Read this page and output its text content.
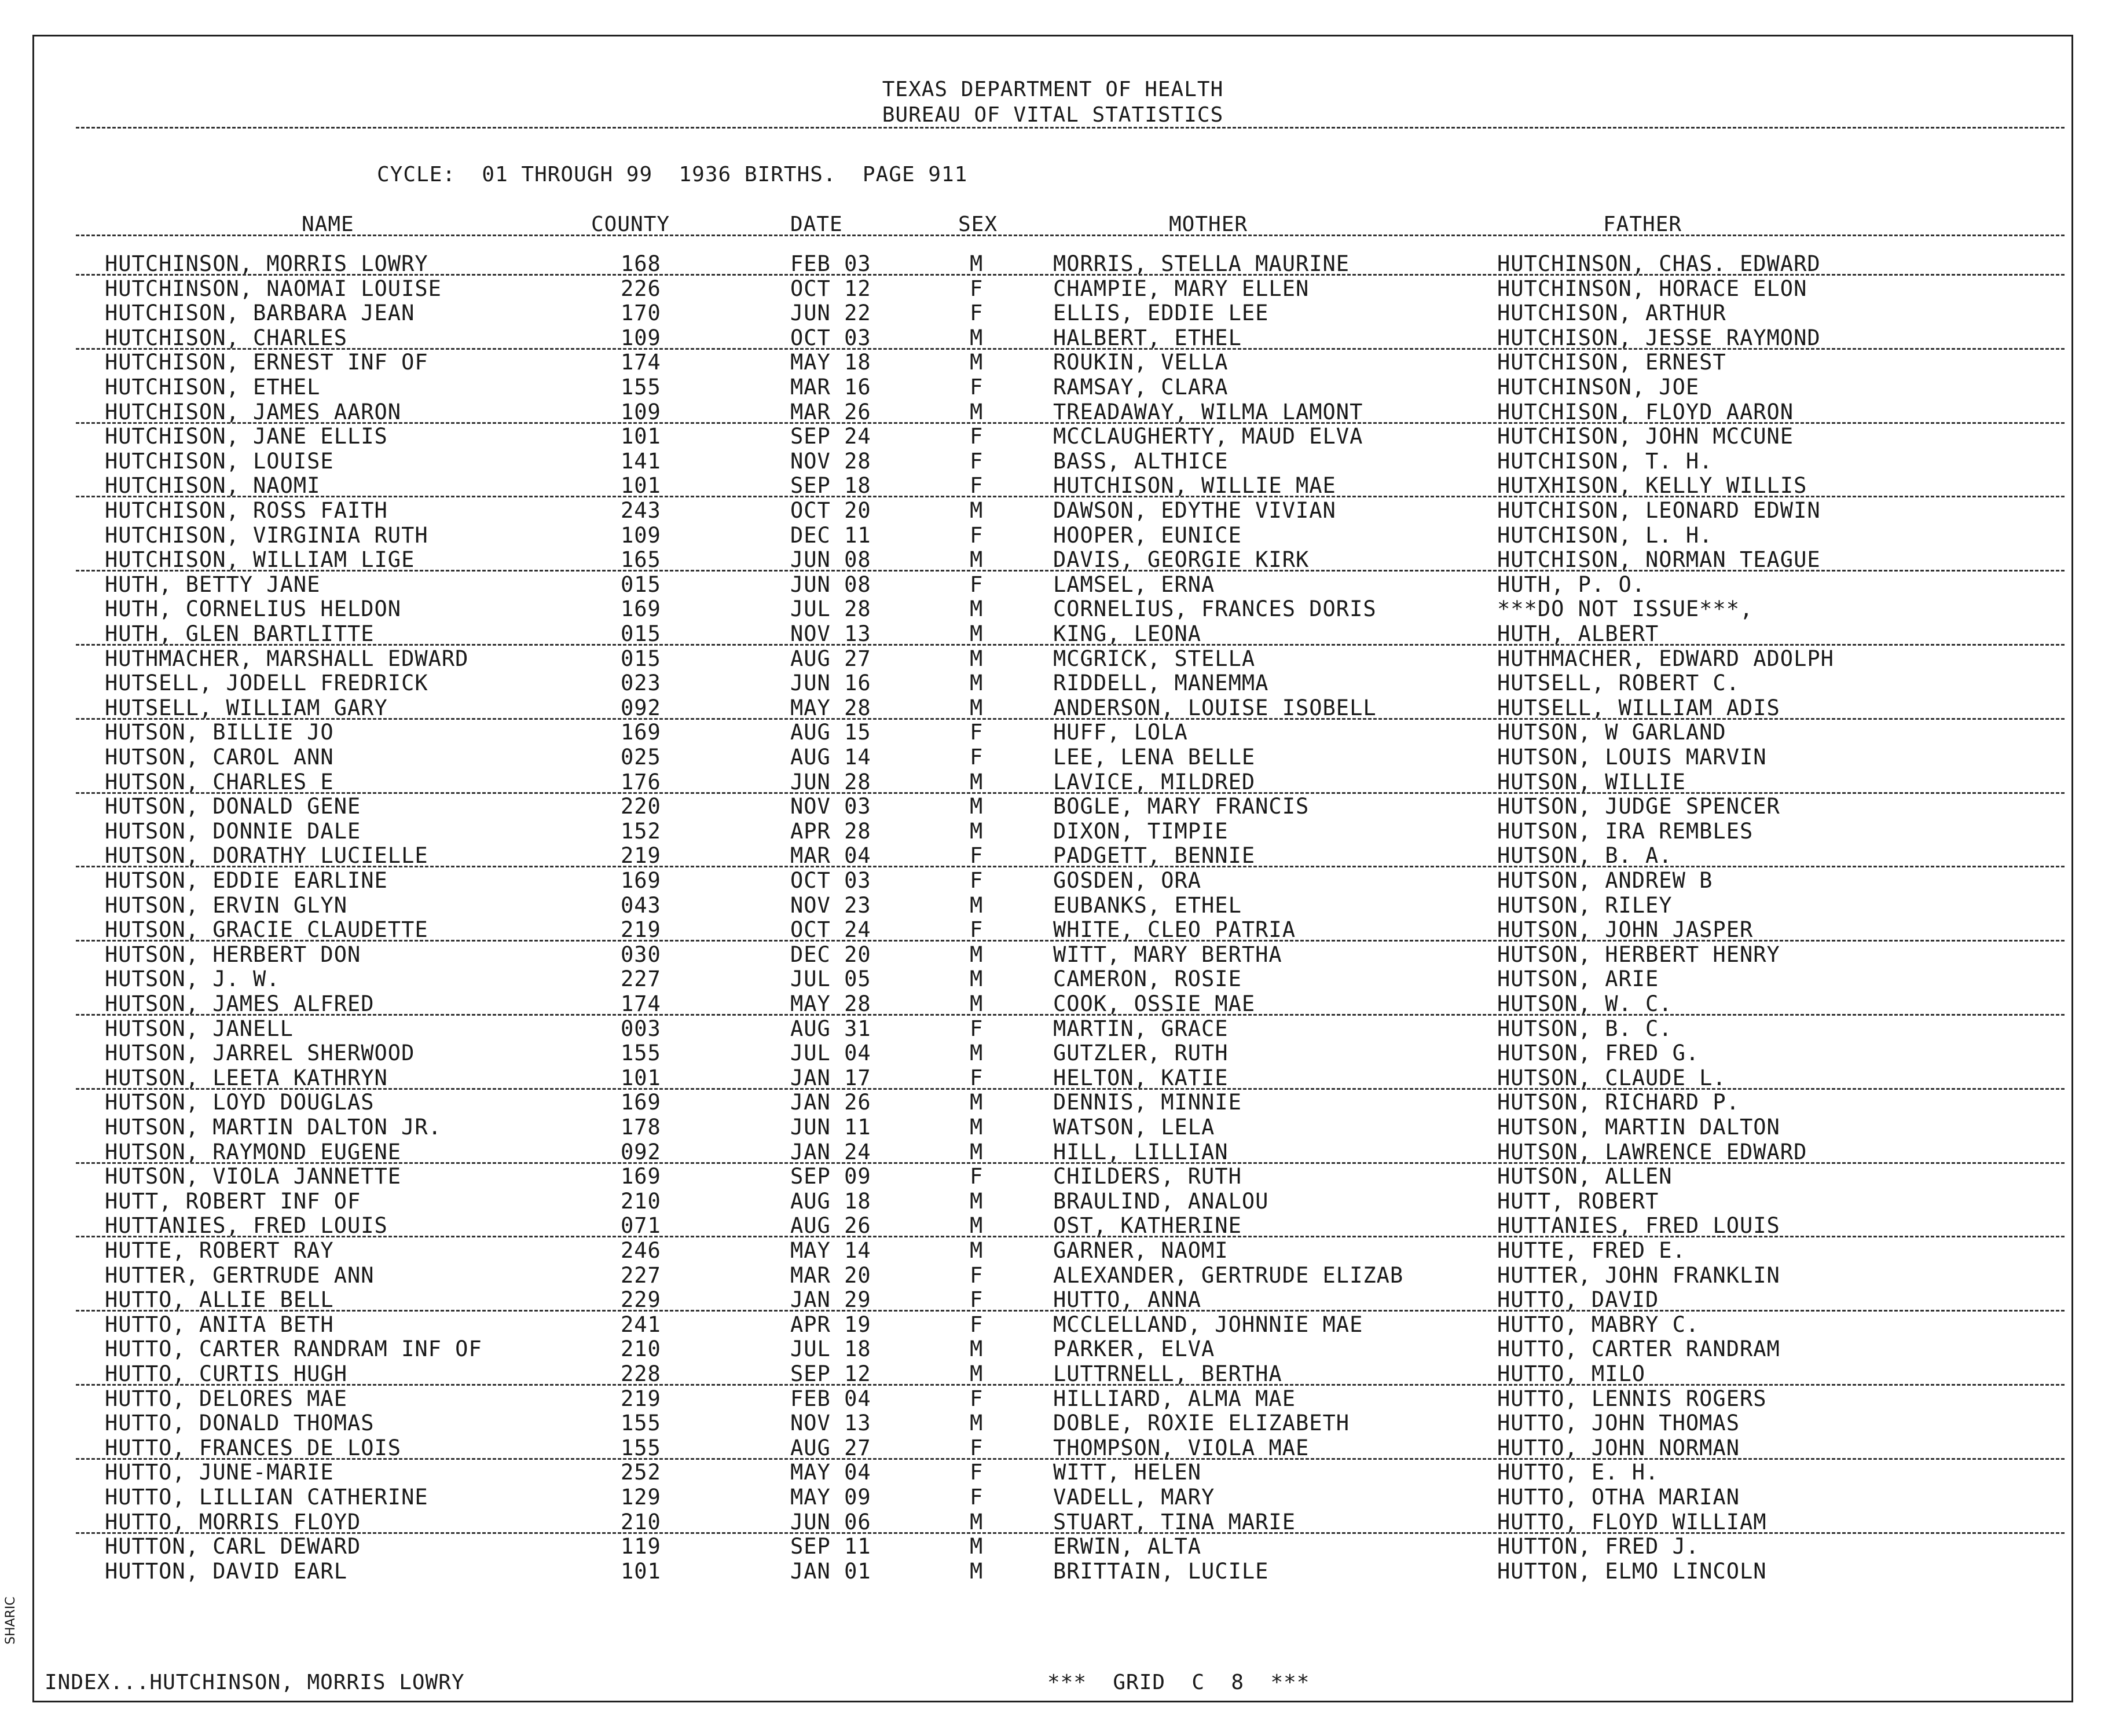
TEXAS DEPARTMENT OF HEALTH
BUREAU OF VITAL STATISTICS
CYCLE:  01 THROUGH 99  1936 BIRTHS.  PAGE 911
NAME	COUNTY	DATE	SEX	MOTHER	FATHER
HUTCHINSON, MORRIS LOWRY	168	FEB 03	M	MORRIS, STELLA MAURINE	HUTCHINSON, CHAS. EDWARD
HUTCHINSON, NAOMAI LOUISE	226	OCT 12	F	CHAMPIE, MARY ELLEN	HUTCHINSON, HORACE ELON
HUTCHISON, BARBARA JEAN	170	JUN 22	F	ELLIS, EDDIE LEE	HUTCHISON, ARTHUR
HUTCHISON, CHARLES	109	OCT 03	M	HALBERT, ETHEL	HUTCHISON, JESSE RAYMOND
HUTCHISON, ERNEST INF OF	174	MAY 18	M	ROUKIN, VELLA	HUTCHISON, ERNEST
HUTCHISON, ETHEL	155	MAR 16	F	RAMSAY, CLARA	HUTCHINSON, JOE
HUTCHISON, JAMES AARON	109	MAR 26	M	TREADAWAY, WILMA LAMONT	HUTCHISON, FLOYD AARON
HUTCHISON, JANE ELLIS	101	SEP 24	F	MCCLAUGHERTY, MAUD ELVA	HUTCHISON, JOHN MCCUNE
HUTCHISON, LOUISE	141	NOV 28	F	BASS, ALTHICE	HUTCHISON, T. H.
HUTCHISON, NAOMI	101	SEP 18	F	HUTCHISON, WILLIE MAE	HUTXHISON, KELLY WILLIS
HUTCHISON, ROSS FAITH	243	OCT 20	M	DAWSON, EDYTHE VIVIAN	HUTCHISON, LEONARD EDWIN
HUTCHISON, VIRGINIA RUTH	109	DEC 11	F	HOOPER, EUNICE	HUTCHISON, L. H.
HUTCHISON, WILLIAM LIGE	165	JUN 08	M	DAVIS, GEORGIE KIRK	HUTCHISON, NORMAN TEAGUE
HUTH, BETTY JANE	015	JUN 08	F	LAMSEL, ERNA	HUTH, P. O.
HUTH, CORNELIUS HELDON	169	JUL 28	M	CORNELIUS, FRANCES DORIS	***DO NOT ISSUE***,
HUTH, GLEN BARTLITTE	015	NOV 13	M	KING, LEONA	HUTH, ALBERT
HUTHMACHER, MARSHALL EDWARD	015	AUG 27	M	MCGRICK, STELLA	HUTHMACHER, EDWARD ADOLPH
HUTSELL, JODELL FREDRICK	023	JUN 16	M	RIDDELL, MANEMMA	HUTSELL, ROBERT C.
HUTSELL, WILLIAM GARY	092	MAY 28	M	ANDERSON, LOUISE ISOBELL	HUTSELL, WILLIAM ADIS
HUTSON, BILLIE JO	169	AUG 15	F	HUFF, LOLA	HUTSON, W GARLAND
HUTSON, CAROL ANN	025	AUG 14	F	LEE, LENA BELLE	HUTSON, LOUIS MARVIN
HUTSON, CHARLES E	176	JUN 28	M	LAVICE, MILDRED	HUTSON, WILLIE
HUTSON, DONALD GENE	220	NOV 03	M	BOGLE, MARY FRANCIS	HUTSON, JUDGE SPENCER
HUTSON, DONNIE DALE	152	APR 28	M	DIXON, TIMPIE	HUTSON, IRA REMBLES
HUTSON, DORATHY LUCIELLE	219	MAR 04	F	PADGETT, BENNIE	HUTSON, B. A.
HUTSON, EDDIE EARLINE	169	OCT 03	F	GOSDEN, ORA	HUTSON, ANDREW B
HUTSON, ERVIN GLYN	043	NOV 23	M	EUBANKS, ETHEL	HUTSON, RILEY
HUTSON, GRACIE CLAUDETTE	219	OCT 24	F	WHITE, CLEO PATRIA	HUTSON, JOHN JASPER
HUTSON, HERBERT DON	030	DEC 20	M	WITT, MARY BERTHA	HUTSON, HERBERT HENRY
HUTSON, J. W.	227	JUL 05	M	CAMERON, ROSIE	HUTSON, ARIE
HUTSON, JAMES ALFRED	174	MAY 28	M	COOK, OSSIE MAE	HUTSON, W. C.
HUTSON, JANELL	003	AUG 31	F	MARTIN, GRACE	HUTSON, B. C.
HUTSON, JARREL SHERWOOD	155	JUL 04	M	GUTZLER, RUTH	HUTSON, FRED G.
HUTSON, LEETA KATHRYN	101	JAN 17	F	HELTON, KATIE	HUTSON, CLAUDE L.
HUTSON, LOYD DOUGLAS	169	JAN 26	M	DENNIS, MINNIE	HUTSON, RICHARD P.
HUTSON, MARTIN DALTON JR.	178	JUN 11	M	WATSON, LELA	HUTSON, MARTIN DALTON
HUTSON, RAYMOND EUGENE	092	JAN 24	M	HILL, LILLIAN	HUTSON, LAWRENCE EDWARD
HUTSON, VIOLA JANNETTE	169	SEP 09	F	CHILDERS, RUTH	HUTSON, ALLEN
HUTT, ROBERT INF OF	210	AUG 18	M	BRAULIND, ANALOU	HUTT, ROBERT
HUTTANIES, FRED LOUIS	071	AUG 26	M	OST, KATHERINE	HUTTANIES, FRED LOUIS
HUTTE, ROBERT RAY	246	MAY 14	M	GARNER, NAOMI	HUTTE, FRED E.
HUTTER, GERTRUDE ANN	227	MAR 20	F	ALEXANDER, GERTRUDE ELIZAB	HUTTER, JOHN FRANKLIN
HUTTO, ALLIE BELL	229	JAN 29	F	HUTTO, ANNA	HUTTO, DAVID
HUTTO, ANITA BETH	241	APR 19	F	MCCLELLAND, JOHNNIE MAE	HUTTO, MABRY C.
HUTTO, CARTER RANDRAM INF OF	210	JUL 18	M	PARKER, ELVA	HUTTO, CARTER RANDRAM
HUTTO, CURTIS HUGH	228	SEP 12	M	LUTTRNELL, BERTHA	HUTTO, MILO
HUTTO, DELORES MAE	219	FEB 04	F	HILLIARD, ALMA MAE	HUTTO, LENNIS ROGERS
HUTTO, DONALD THOMAS	155	NOV 13	M	DOBLE, ROXIE ELIZABETH	HUTTO, JOHN THOMAS
HUTTO, FRANCES DE LOIS	155	AUG 27	F	THOMPSON, VIOLA MAE	HUTTO, JOHN NORMAN
HUTTO, JUNE-MARIE	252	MAY 04	F	WITT, HELEN	HUTTO, E. H.
HUTTO, LILLIAN CATHERINE	129	MAY 09	F	VADELL, MARY	HUTTO, OTHA MARIAN
HUTTO, MORRIS FLOYD	210	JUN 06	M	STUART, TINA MARIE	HUTTO, FLOYD WILLIAM
HUTTON, CARL DEWARD	119	SEP 11	M	ERWIN, ALTA	HUTTON, FRED J.
HUTTON, DAVID EARL	101	JAN 01	M	BRITTAIN, LUCILE	HUTTON, ELMO LINCOLN
INDEX...HUTCHINSON, MORRIS LOWRY	***  GRID  C  8  ***
SHARIC
